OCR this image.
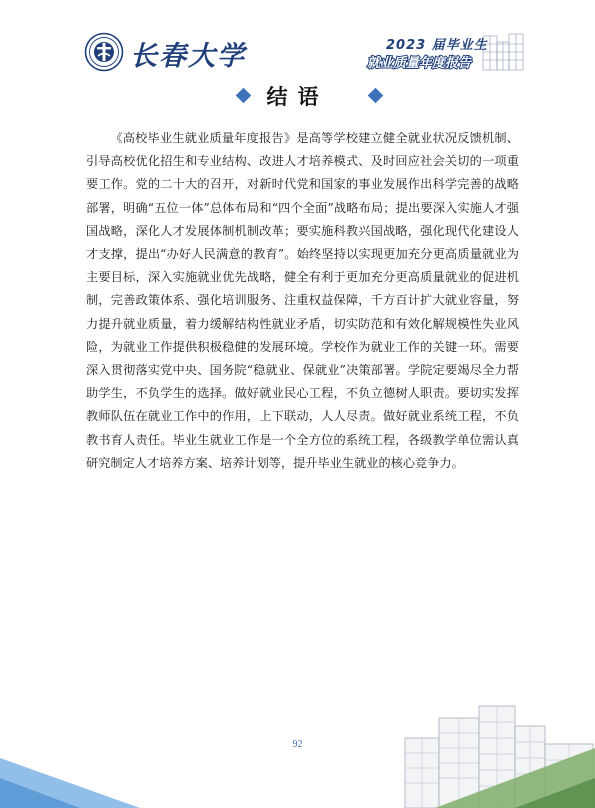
长春大学	2023 届毕业生
就业质量年度报告
结语

《高校毕业生就业质量年度报告》是高等学校建立健全就业状况反馈机制、引导高校优化招生和专业结构、改进人才培养模式、及时回应社会关切的一项重要工作。党的二十大的召开，对新时代党和国家的事业发展作出科学完善的战略部署，明确“五位一体”总体布局和“四个全面”战略布局；提出要深入实施人才强国战略，深化人才发展体制机制改革；要实施科教兴国战略，强化现代化建设人才支撑，提出“办好人民满意的教育”。始终坚持以实现更加充分更高质量就业为主要目标，深入实施就业优先战略，健全有利于更加充分更高质量就业的促进机制，完善政策体系、强化培训服务、注重权益保障，千方百计扩大就业容量，努力提升就业质量，着力缓解结构性就业矛盾，切实防范和有效化解规模性失业风险，为就业工作提供积极稳健的发展环境。学校作为就业工作的关键一环。需要深入贯彻落实党中央、国务院“稳就业、保就业”决策部署。学院定要竭尽全力帮助学生，不负学生的选择。做好就业民心工程，不负立德树人职责。要切实发挥教师队伍在就业工作中的作用，上下联动，人人尽责。做好就业系统工程，不负教书育人责任。毕业生就业工作是一个全方位的系统工程，各级教学单位需认真研究制定人才培养方案、培养计划等，提升毕业生就业的核心竞争力。

92
